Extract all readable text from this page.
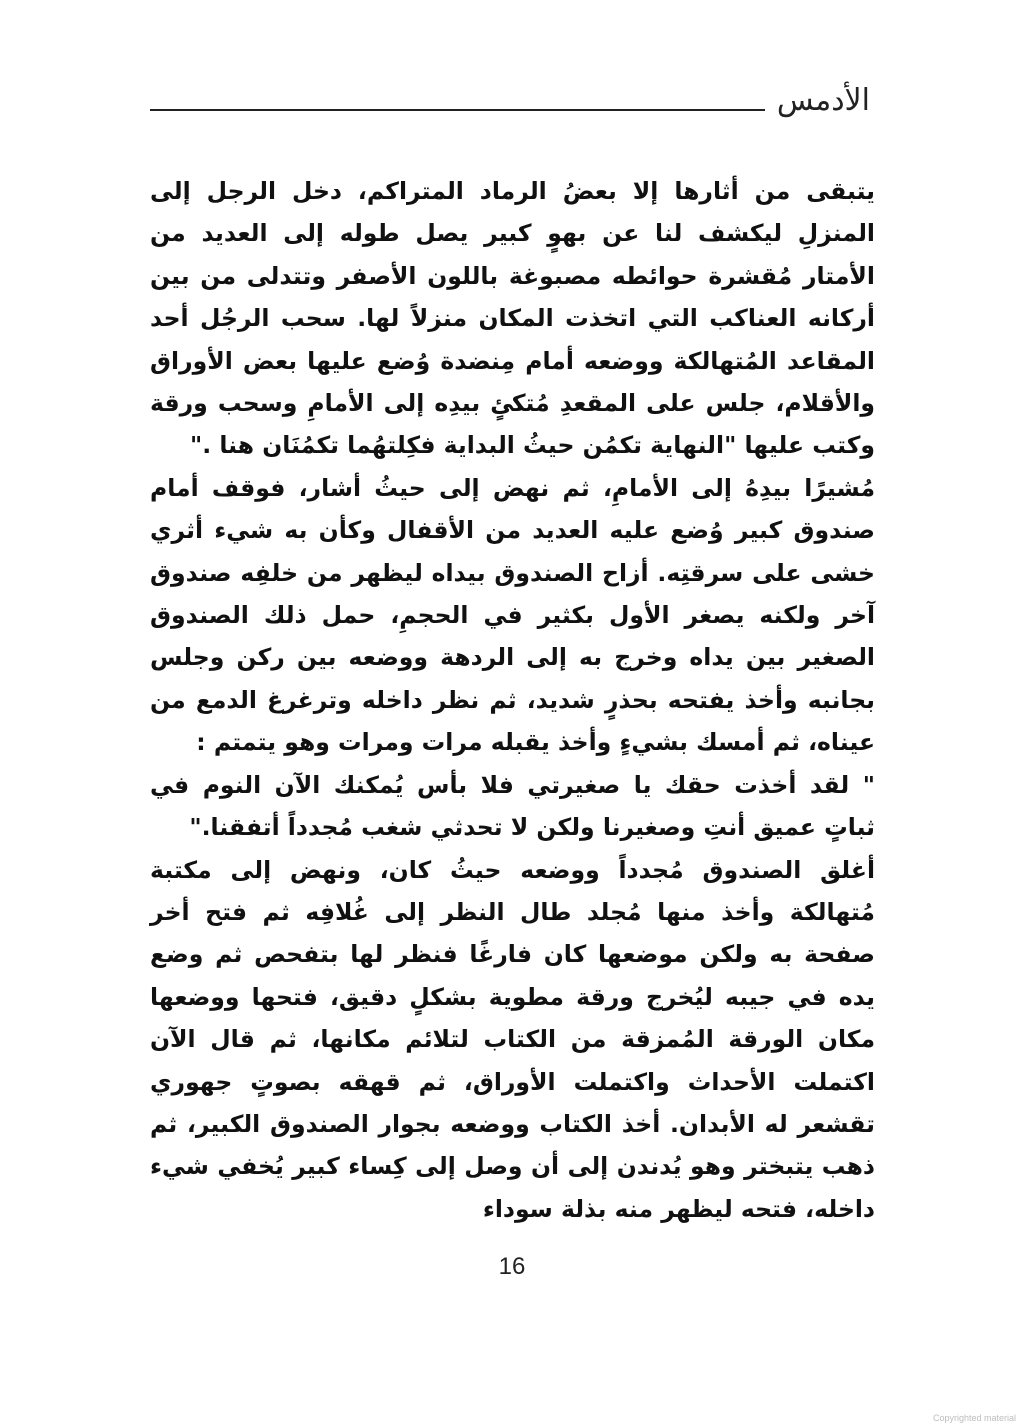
الأدمس

يتبقى من أثارها إلا بعضُ الرماد المتراكم، دخل الرجل إلى المنزلِ ليكشف لنا عن بهوٍ كبير يصل طوله إلى العديد من الأمتار مُقشرة حوائطه مصبوغة باللون الأصفر وتتدلى من بين أركانه العناكب التي اتخذت المكان منزلاً لها. سحب الرجُل أحد المقاعد المُتهالكة ووضعه أمام مِنضدة وُضع عليها بعض الأوراق والأقلام، جلس على المقعدِ مُتكئٍ بيدِه إلى الأمامِ وسحب ورقة وكتب عليها "النهاية تكمُن حيثُ البداية فكِلتهُما تكمُنَان هنا ."

مُشيرًا بيدِهُ إلى الأمامِ، ثم نهض إلى حيثُ أشار، فوقف أمام صندوق كبير وُضع عليه العديد من الأقفال وكأن به شيء أثري خشى على سرقتِه. أزاح الصندوق بيداه ليظهر من خلفِه صندوق آخر ولكنه يصغر الأول بكثير في الحجمِ، حمل ذلك الصندوق الصغير بين يداه وخرج به إلى الردهة ووضعه بين ركن وجلس بجانبه وأخذ يفتحه بحذرٍ شديد، ثم نظر داخله وترغرغ الدمع من عيناه، ثم أمسك بشيءٍ وأخذ يقبله مرات ومرات وهو يتمتم :

" لقد أخذت حقك يا صغيرتي فلا بأس يُمكنك الآن النوم في ثباتٍ عميق أنتِ وصغيرنا ولكن لا تحدثي شغب مُجدداً أتفقنا."

أغلق الصندوق مُجدداً ووضعه حيثُ كان، ونهض إلى مكتبة مُتهالكة وأخذ منها مُجلد طال النظر إلى غُلافِه ثم فتح أخر صفحة به ولكن موضعها كان فارغًا فنظر لها بتفحص ثم وضع يده في جيبه ليُخرج ورقة مطوية بشكلٍ دقيق، فتحها ووضعها مكان الورقة المُمزقة من الكتاب لتلائم مكانها، ثم قال الآن اكتملت الأحداث واكتملت الأوراق، ثم قهقه بصوتٍ جهوري تقشعر له الأبدان. أخذ الكتاب ووضعه بجوار الصندوق الكبير، ثم ذهب يتبختر وهو يُدندن إلى أن وصل إلى كِساء كبير يُخفي شيء داخله، فتحه ليظهر منه بذلة سوداء

16
Copyrighted material
